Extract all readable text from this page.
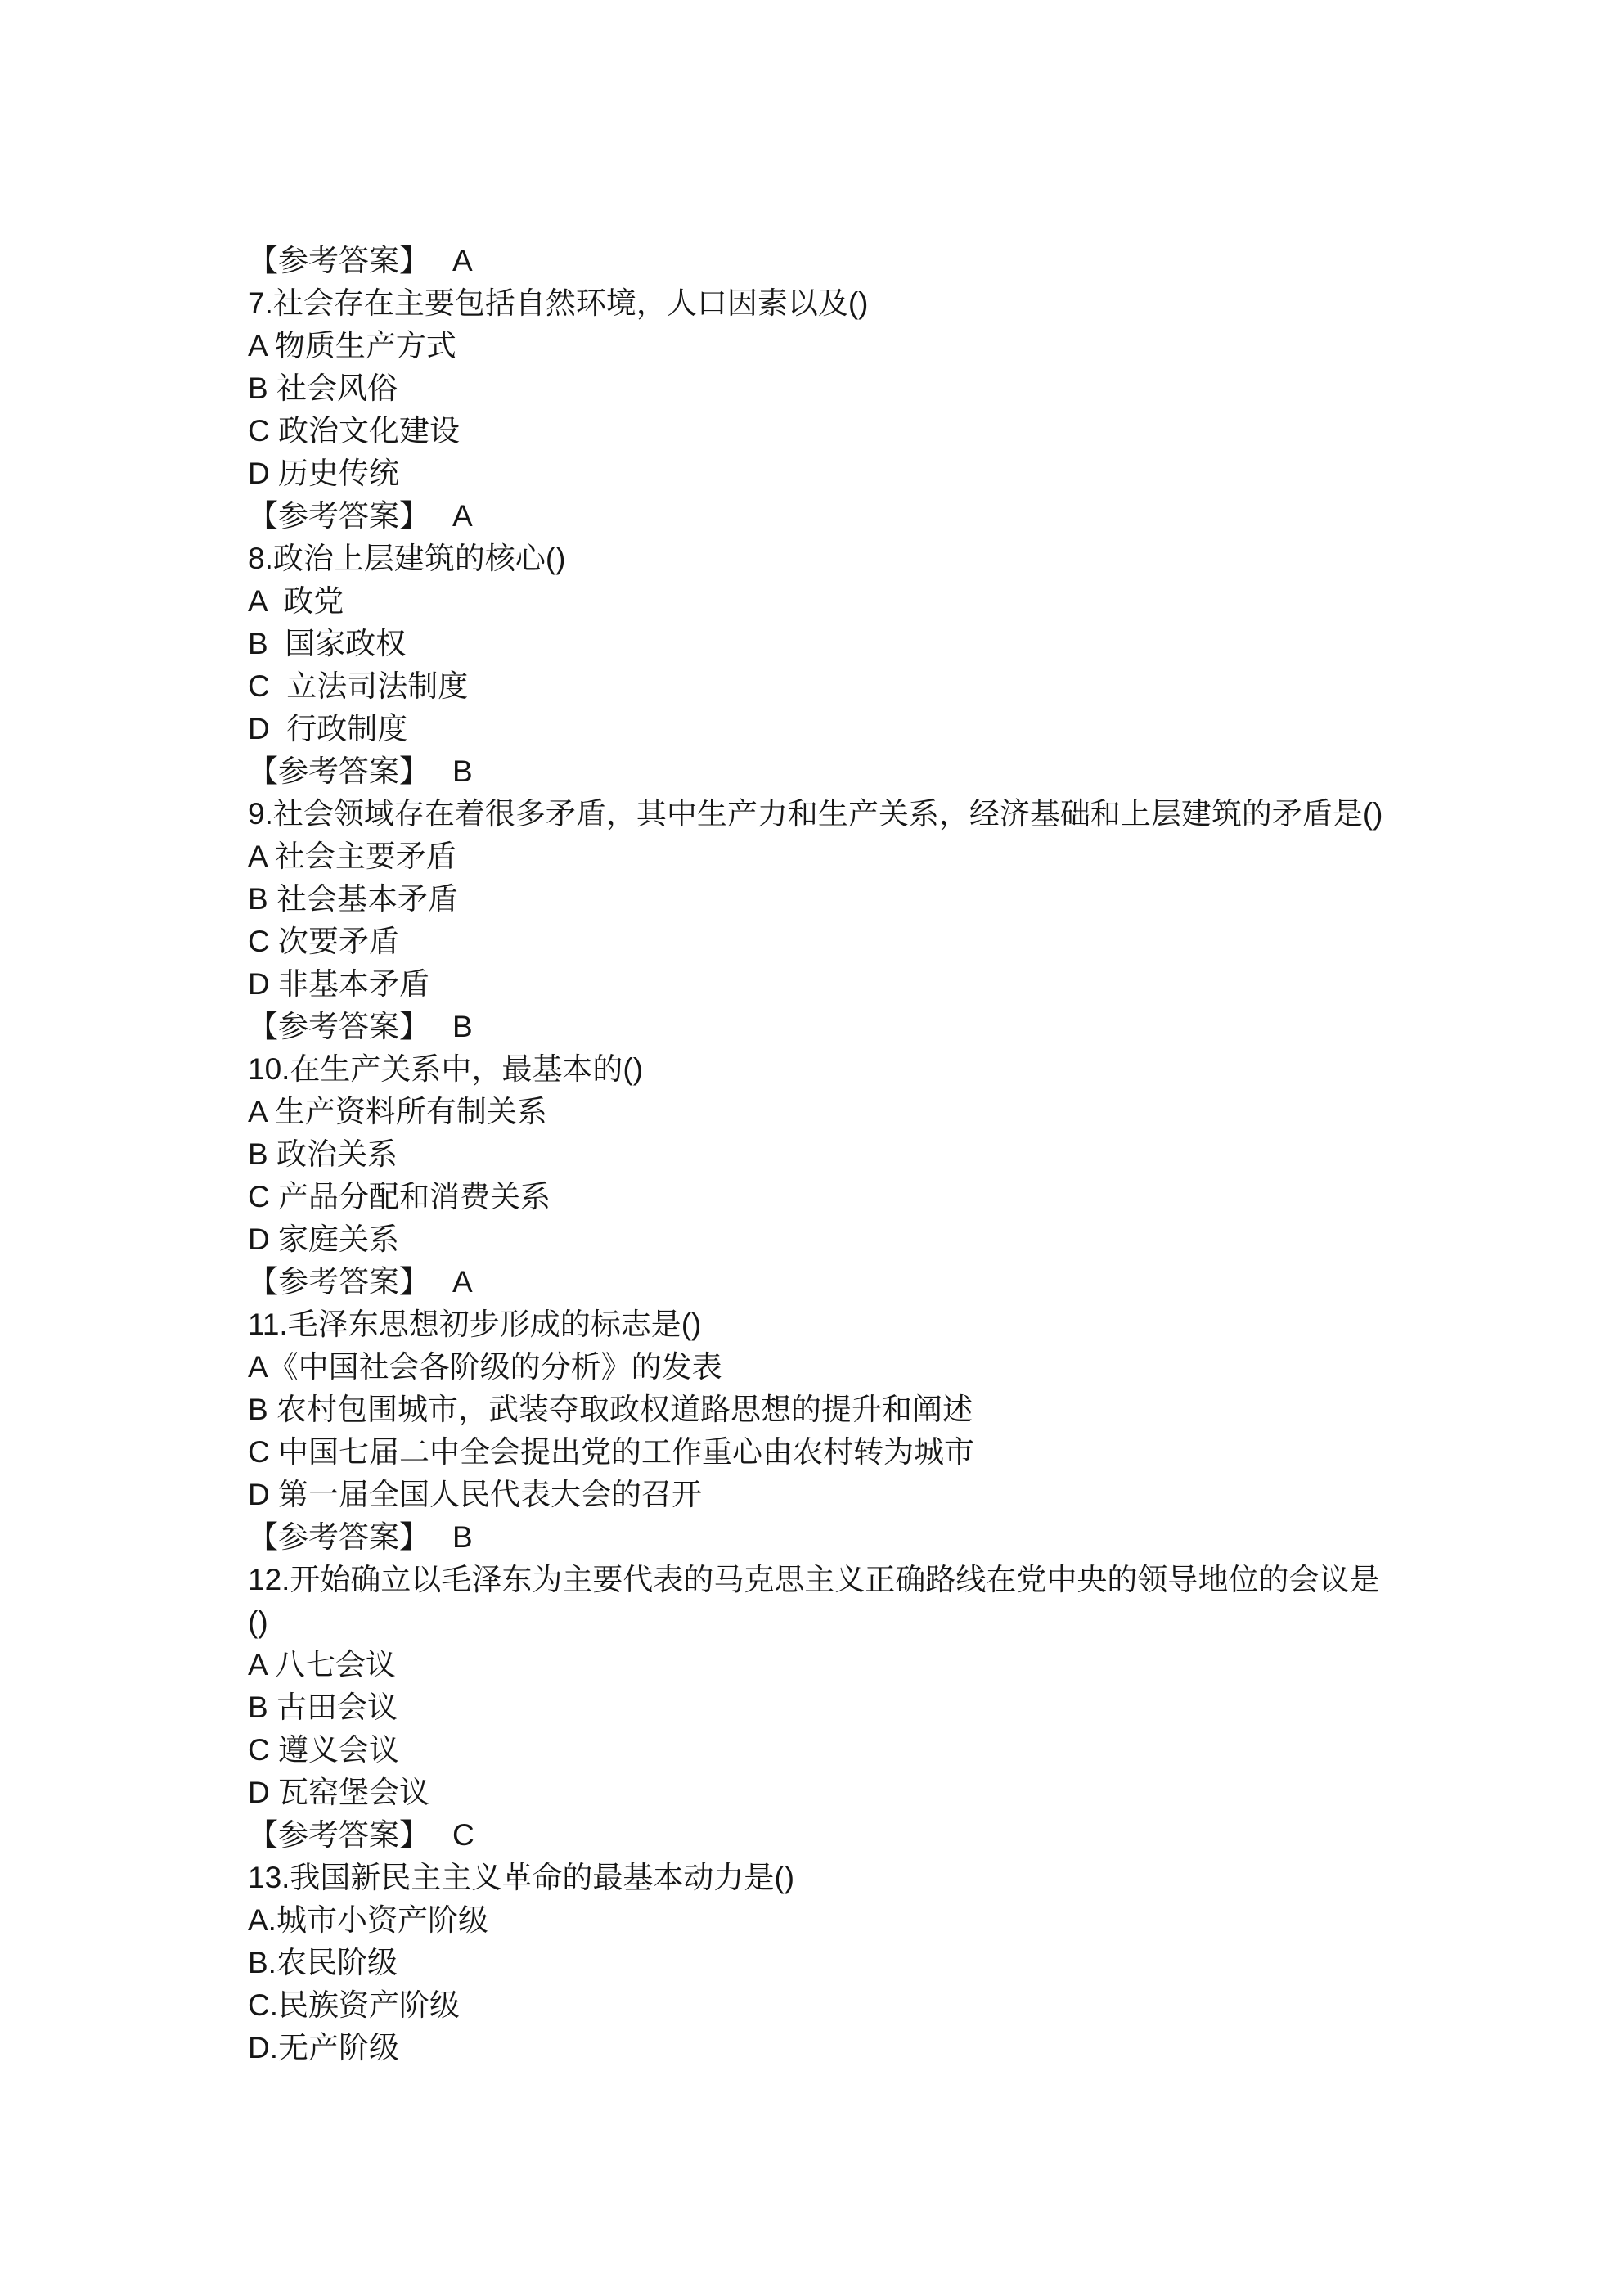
【参考答案】 A
7.社会存在主要包括自然环境，人口因素以及()
A 物质生产方式
B 社会风俗
C 政治文化建设
D 历史传统
【参考答案】 A
8.政治上层建筑的核心()
A  政党
B  国家政权
C  立法司法制度
D  行政制度
【参考答案】 B
9.社会领域存在着很多矛盾，其中生产力和生产关系，经济基础和上层建筑的矛盾是()
A 社会主要矛盾
B 社会基本矛盾
C 次要矛盾
D 非基本矛盾
【参考答案】 B
10.在生产关系中，最基本的()
A 生产资料所有制关系
B 政治关系
C 产品分配和消费关系
D 家庭关系
【参考答案】 A
11.毛泽东思想初步形成的标志是()
A《中国社会各阶级的分析》的发表
B 农村包围城市，武装夺取政权道路思想的提升和阐述
C 中国七届二中全会提出党的工作重心由农村转为城市
D 第一届全国人民代表大会的召开
【参考答案】 B
12.开始确立以毛泽东为主要代表的马克思主义正确路线在党中央的领导地位的会议是
()
A 八七会议
B 古田会议
C 遵义会议
D 瓦窑堡会议
【参考答案】 C
13.我国新民主主义革命的最基本动力是()
A.城市小资产阶级
B.农民阶级
C.民族资产阶级
D.无产阶级
